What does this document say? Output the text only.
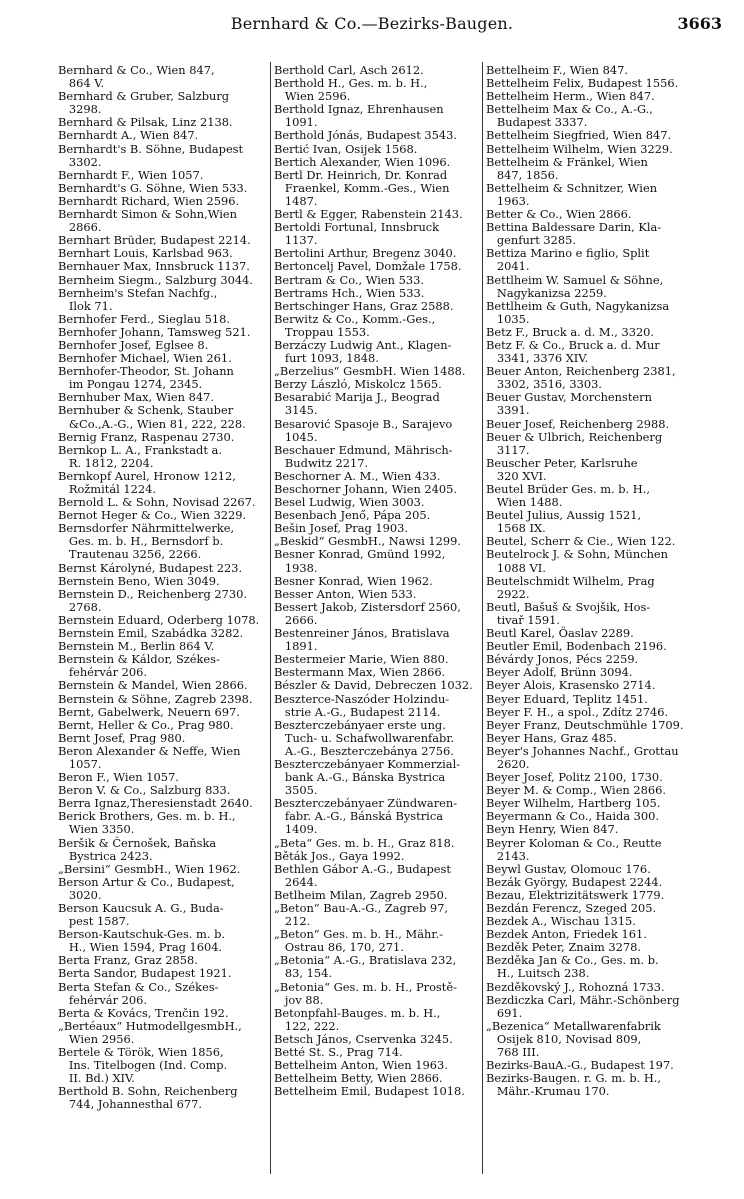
Bernhard & Co.—Bezirks-Baugen.	3663
Bernhard & Co., Wien 847,
864 V.
Bernhard & Gruber, Salzburg
3298.
Bernhard & Pilsak, Linz 2138.
Bernhardt A., Wien 847.
Bernhardt's B. Söhne, Budapest
3302.
Bernhardt F., Wien 1057.
Bernhardt's G. Söhne, Wien 533.
Bernhardt Richard, Wien 2596.
Bernhardt Simon & Sohn,Wien
2866.
Bernhart Brüder, Budapest 2214.
Bernhart Louis, Karlsbad 963.
Bernhauer Max, Innsbruck 1137.
Bernheim Siegm., Salzburg 3044.
Bernheim's Stefan Nachfg.,
Ilok 71.
Bernhofer Ferd., Sieglau 518.
Bernhofer Johann, Tamsweg 521.
Bernhofer Josef, Eglsee 8.
Bernhofer Michael, Wien 261.
Bernhofer-Theodor, St. Johann
im Pongau 1274, 2345.
Bernhuber Max, Wien 847.
Bernhuber & Schenk, Stauber
&Co.,A.-G., Wien 81, 222, 228.
Bernig Franz, Raspenau 2730.
Bernkop L. A., Frankstadt a.
R. 1812, 2204.
Bernkopf Aurel, Hronow 1212,
Rožmitál 1224.
Bernold L. & Sohn, Novisad 2267.
Bernot Heger & Co., Wien 3229.
Bernsdorfer Nährmittelwerke,
Ges. m. b. H., Bernsdorf b.
Trautenau 3256, 2266.
Bernst Károlyné, Budapest 223.
Bernstein Beno, Wien 3049.
Bernstein D., Reichenberg 2730.
2768.
Bernstein Eduard, Oderberg 1078.
Bernstein Emil, Szabádka 3282.
Bernstein M., Berlin 864 V.
Bernstein & Káldor, Székes-
fehérvár 206.
Bernstein & Mandel, Wien 2866.
Bernstein & Söhne, Zagreb 2398.
Bernt, Gabelwerk, Neuern 697.
Bernt, Heller & Co., Prag 980.
Bernt Josef, Prag 980.
Beron Alexander & Neffe, Wien
1057.
Beron F., Wien 1057.
Beron V. & Co., Salzburg 833.
Berra Ignaz,Theresienstadt 2640.
Berick Brothers, Ges. m. b. H.,
Wien 3350.
Beršik & Černošek, Baňska
Bystrica 2423.
„Bersini“ GesmbH., Wien 1962.
Berson Artur & Co., Budapest,
3020.
Berson Kaucsuk A. G., Buda-
pest 1587.
Berson-Kautschuk-Ges. m. b.
H., Wien 1594, Prag 1604.
Berta Franz, Graz 2858.
Berta Sandor, Budapest 1921.
Berta Stefan & Co., Székes-
fehérvár 206.
Berta & Kovács, Trenčin 192.
„Bertéaux“ HutmodellgesmbH.,
Wien 2956.
Bertele & Török, Wien 1856,
Ins. Titelbogen (Ind. Comp.
II. Bd.) XIV.
Berthold B. Sohn, Reichenberg
744, Johannesthal 677.
Berthold Carl, Asch 2612.
Berthold H., Ges. m. b. H.,
Wien 2596.
Berthold Ignaz, Ehrenhausen
1091.
Berthold Jónás, Budapest 3543.
Bertić Ivan, Osijek 1568.
Bertich Alexander, Wien 1096.
Bertl Dr. Heinrich, Dr. Konrad
Fraenkel, Komm.-Ges., Wien
1487.
Bertl & Egger, Rabenstein 2143.
Bertoldi Fortunal, Innsbruck
1137.
Bertolini Arthur, Bregenz 3040.
Bertoncelj Pavel, Domžale 1758.
Bertram & Co., Wien 533.
Bertrams Hch., Wien 533.
Bertschinger Hans, Graz 2588.
Berwitz & Co., Komm.-Ges.,
Troppau 1553.
Berzáczy Ludwig Ant., Klagen-
furt 1093, 1848.
„Berzelius“ GesmbH. Wien 1488.
Berzy László, Miskolcz 1565.
Besarabić Marija J., Beograd
3145.
Besarović Spasoje B., Sarajevo
1045.
Beschauer Edmund, Mährisch-
Budwitz 2217.
Beschorner A. M., Wien 433.
Beschorner Johann, Wien 2405.
Besel Ludwig, Wien 3003.
Besenbach Jenő, Pápa 205.
Bešin Josef, Prag 1903.
„Beskid“ GesmbH., Nawsi 1299.
Besner Konrad, Gmünd 1992,
1938.
Besner Konrad, Wien 1962.
Besser Anton, Wien 533.
Bessert Jakob, Zistersdorf 2560,
2666.
Bestenreiner János, Bratislava
1891.
Bestermeier Marie, Wien 880.
Bestermann Max, Wien 2866.
Bészler & David, Debreczen 1032.
Beszterce-Naszóder Holzindu-
strie A.-G., Budapest 2114.
Beszterczebányaer erste ung.
Tuch- u. Schafwollwarenfabr.
A.-G., Beszterczebánya 2756.
Beszterczebányaer Kommerzial-
bank A.-G., Bánska Bystrica
3505.
Beszterczebányaer Zündwaren-
fabr. A.-G., Bánská Bystrica
1409.
„Beta“ Ges. m. b. H., Graz 818.
Běták Jos., Gaya 1992.
Bethlen Gábor A.-G., Budapest
2644.
Betlheim Milan, Zagreb 2950.
„Beton“ Bau-A.-G., Zagreb 97,
212.
„Beton“ Ges. m. b. H., Mähr.-
Ostrau 86, 170, 271.
„Betonia“ A.-G., Bratislava 232,
83, 154.
„Betonia“ Ges. m. b. H., Prostě-
jov 88.
Betonpfahl-Bauges. m. b. H.,
122, 222.
Betsch János, Cservenka 3245.
Betté St. S., Prag 714.
Bettelheim Anton, Wien 1963.
Bettelheim Betty, Wien 2866.
Bettelheim Emil, Budapest 1018.
Bettelheim F., Wien 847.
Bettelheim Felix, Budapest 1556.
Bettelheim Herm., Wien 847.
Bettelheim Max & Co., A.-G.,
Budapest 3337.
Bettelheim Siegfried, Wien 847.
Bettelheim Wilhelm, Wien 3229.
Bettelheim & Fränkel, Wien
847, 1856.
Bettelheim & Schnitzer, Wien
1963.
Better & Co., Wien 2866.
Bettina Baldessare Darin, Kla-
genfurt 3285.
Bettiza Marino e figlio, Split
2041.
Bettlheim W. Samuel & Söhne,
Nagykanizsa 2259.
Bettlheim & Guth, Nagykanizsa
1035.
Betz F., Bruck a. d. M., 3320.
Betz F. & Co., Bruck a. d. Mur
3341, 3376 XIV.
Beuer Anton, Reichenberg 2381,
3302, 3516, 3303.
Beuer Gustav, Morchenstern
3391.
Beuer Josef, Reichenberg 2988.
Beuer & Ulbrich, Reichenberg
3117.
Beuscher Peter, Karlsruhe
320 XVI.
Beutel Brüder Ges. m. b. H.,
Wien 1488.
Beutel Julius, Aussig 1521,
1568 IX.
Beutel, Scherr & Cie., Wien 122.
Beutelrock J. & Sohn, München
1088 VI.
Beutelschmidt Wilhelm, Prag
2922.
Beutl, Bašuš & Svojšik, Hos-
tivař 1591.
Beutl Karel, Öaslav 2289.
Beutler Emil, Bodenbach 2196.
Bévárdy Jonos, Pécs 2259.
Beyer Adolf, Brünn 3094.
Beyer Alois, Krasensko 2714.
Beyer Eduard, Teplitz 1451.
Beyer F. H., a spol., Zdítz 2746.
Beyer Franz, Deutschmühle 1709.
Beyer Hans, Graz 485.
Beyer's Johannes Nachf., Grottau
2620.
Beyer Josef, Politz 2100, 1730.
Beyer M. & Comp., Wien 2866.
Beyer Wilhelm, Hartberg 105.
Beyermann & Co., Haida 300.
Beyn Henry, Wien 847.
Beyrer Koloman & Co., Reutte
2143.
Beywl Gustav, Olomouc 176.
Bezák György, Budapest 2244.
Bezau, Elektrizitätswerk 1779.
Bezdán Ferencz, Szeged 205.
Bezdek A., Wischau 1315.
Bezdek Anton, Friedek 161.
Bezděk Peter, Znaim 3278.
Bezděka Jan & Co., Ges. m. b.
H., Luitsch 238.
Bezděkovský J., Rohozná 1733.
Bezdiczka Carl, Mähr.-Schönberg
691.
„Bezenica“ Metallwarenfabrik
Osijek 810, Novisad 809,
768 III.
Bezirks-BauA.-G., Budapest 197.
Bezirks-Baugen. r. G. m. b. H.,
Mähr.-Krumau 170.
